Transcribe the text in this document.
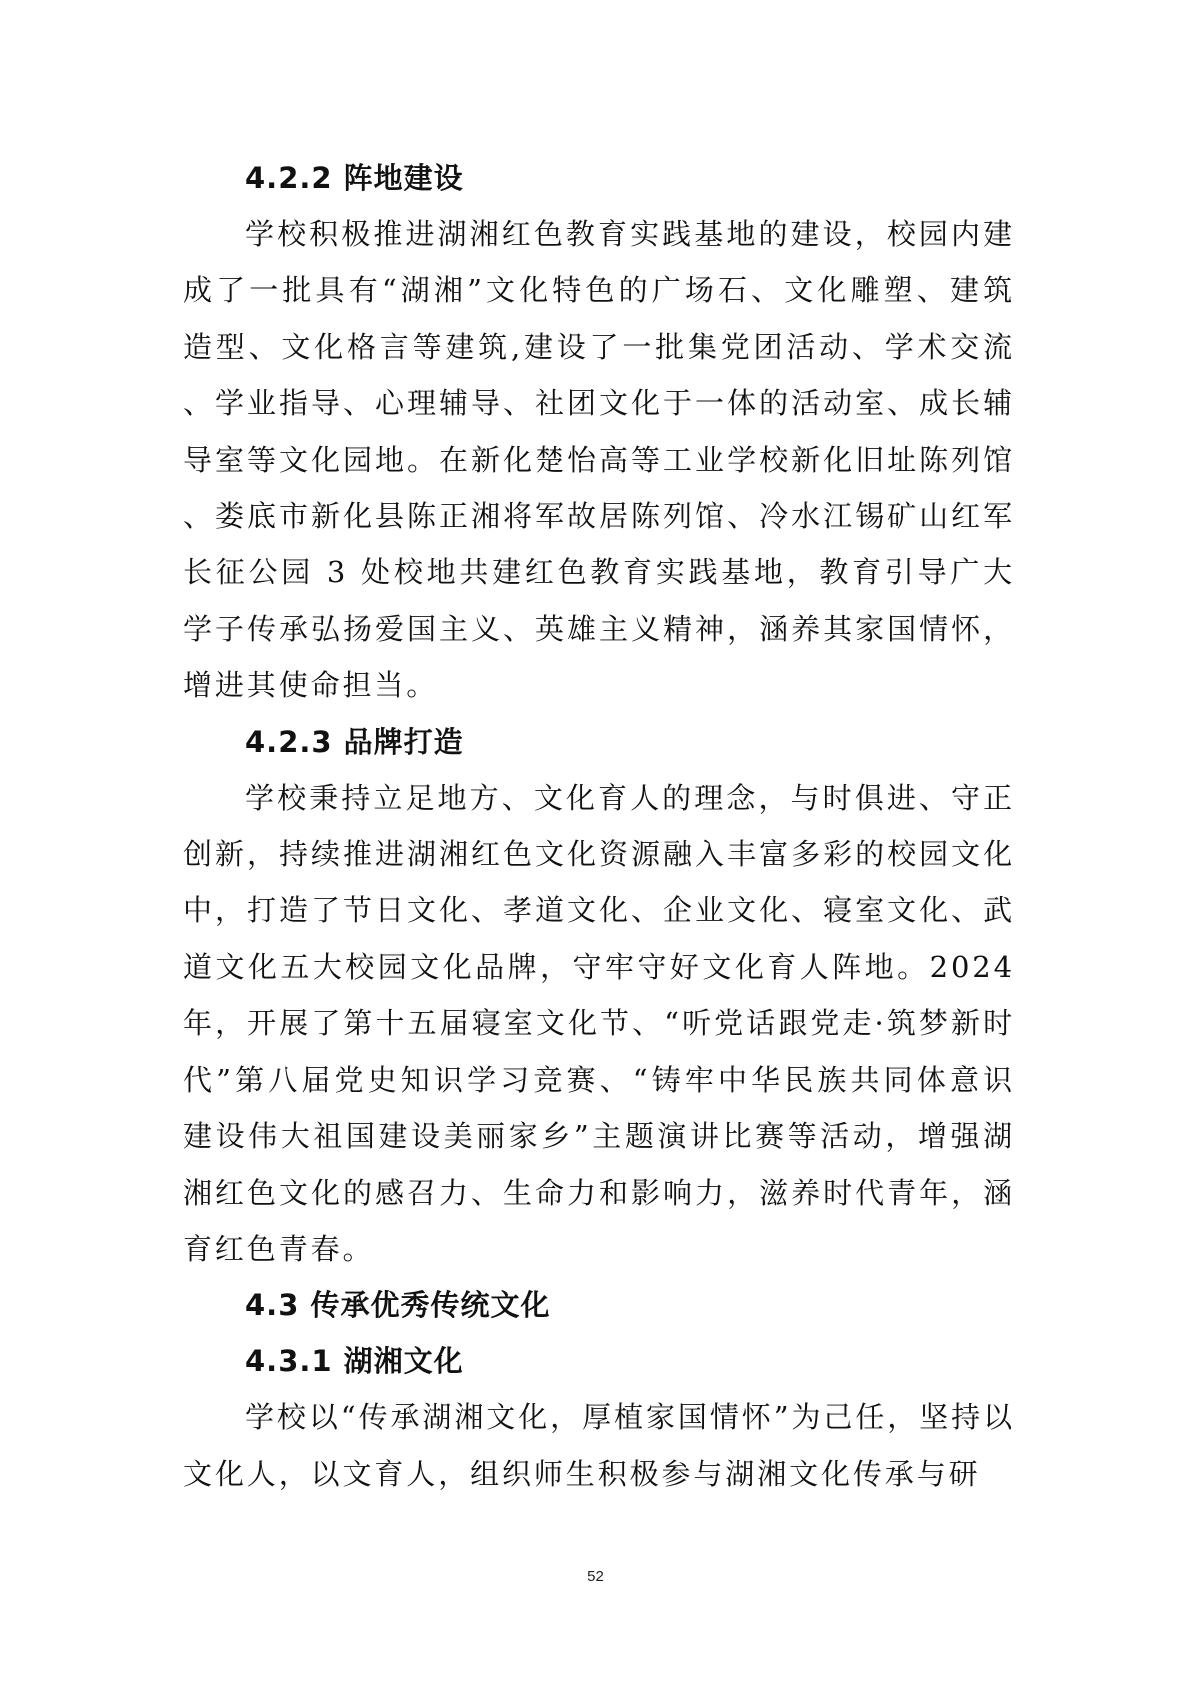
4.2.2 阵地建设

学校积极推进湖湘红色教育实践基地的建设，校园内建成了一批具有“湖湘”文化特色的广场石、文化雕塑、建筑造型、文化格言等建筑,建设了一批集党团活动、学术交流、学业指导、心理辅导、社团文化于一体的活动室、成长辅导室等文化园地。在新化楚怡高等工业学校新化旧址陈列馆、娄底市新化县陈正湘将军故居陈列馆、冷水江锡矿山红军长征公园 3 处校地共建红色教育实践基地，教育引导广大学子传承弘扬爱国主义、英雄主义精神，涵养其家国情怀，增进其使命担当。

4.2.3 品牌打造

学校秉持立足地方、文化育人的理念，与时俱进、守正创新，持续推进湖湘红色文化资源融入丰富多彩的校园文化中，打造了节日文化、孝道文化、企业文化、寝室文化、武道文化五大校园文化品牌，守牢守好文化育人阵地。2024 年，开展了第十五届寝室文化节、“听党话跟党走·筑梦新时代”第八届党史知识学习竞赛、“铸牢中华民族共同体意识 建设伟大祖国建设美丽家乡”主题演讲比赛等活动，增强湖湘红色文化的感召力、生命力和影响力，滋养时代青年，涵育红色青春。

4.3 传承优秀传统文化
4.3.1 湖湘文化

学校以“传承湖湘文化，厚植家国情怀”为己任，坚持以文化人，以文育人，组织师生积极参与湖湘文化传承与研

52
